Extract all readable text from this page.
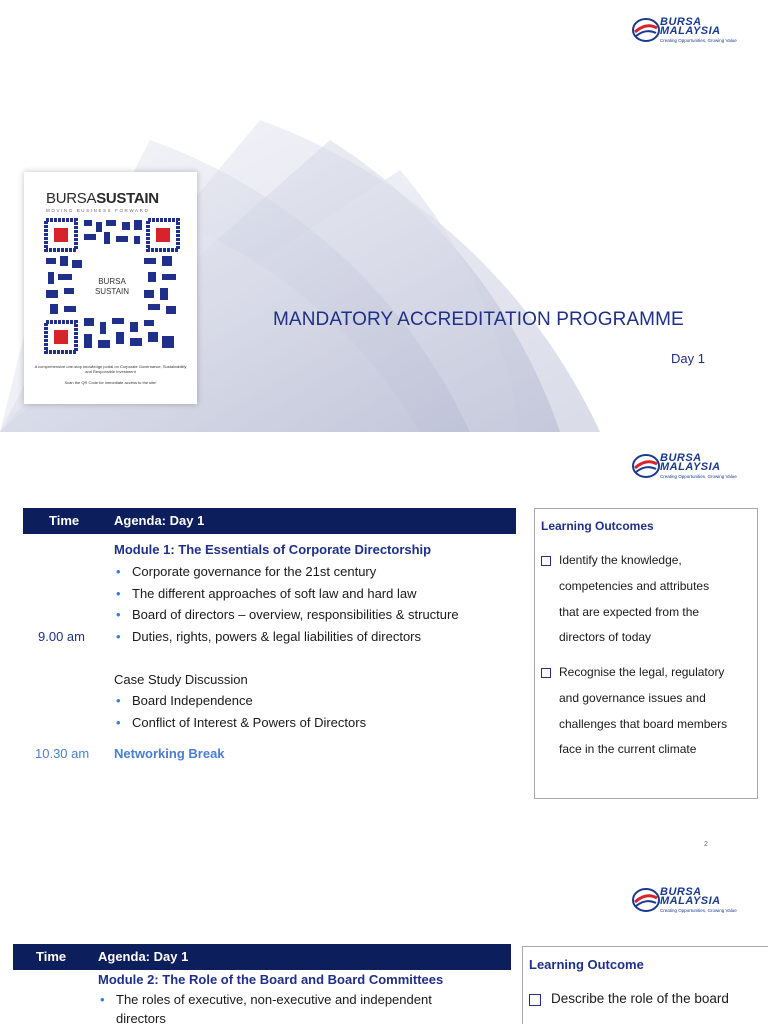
BURSA
MALAYSIA
Creating Opportunities, Growing Value
BURSASUSTAIN
MOVING BUSINESS FORWARD
BURSA
SUSTAIN
A comprehensive one-stop knowledge portal on Corporate Governance, Sustainability and Responsible Investment
Scan the QR Code for immediate access to the site!
MANDATORY ACCREDITATION PROGRAMME
Day 1
BURSA
MALAYSIA
Creating Opportunities, Growing Value
Time	Agenda: Day 1
Module 1: The Essentials of Corporate Directorship
• Corporate governance for the 21st century
• The different approaches of soft law and hard law
• Board of directors – overview, responsibilities & structure
• Duties, rights, powers & legal liabilities of directors
9.00 am
Case Study Discussion
• Board Independence
• Conflict of Interest & Powers of Directors
10.30 am Networking Break
Learning Outcomes
Identify the knowledge,
competencies and attributes
that are expected from the
directors of today
Recognise the legal, regulatory
and governance issues and
challenges that board members
face in the current climate
2
BURSA
MALAYSIA
Creating Opportunities, Growing Value
Time Agenda: Day 1
Module 2: The Role of the Board and Board Committees
• The roles of executive, non-executive and independent
directors
Learning Outcome
Describe the role of the board
